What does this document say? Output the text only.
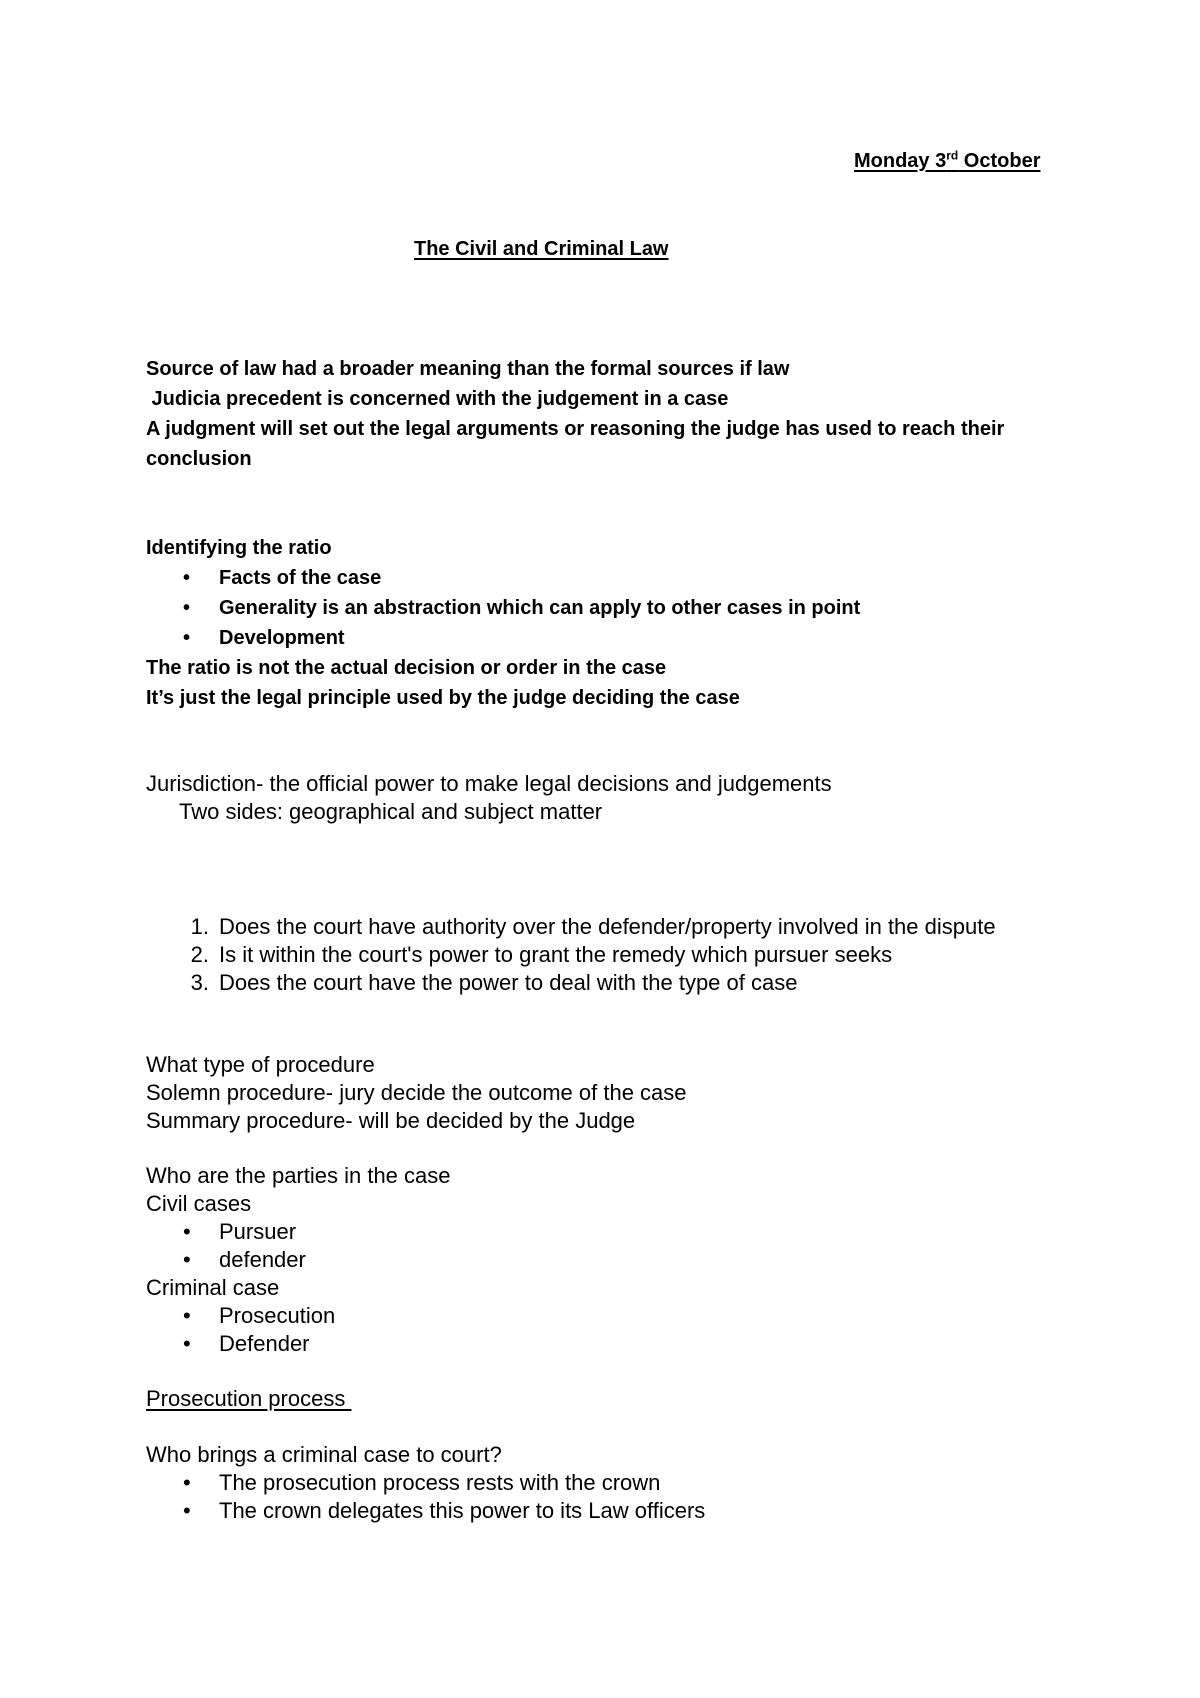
Monday 3rd October
The Civil and Criminal Law
Source of law had a broader meaning than the formal sources if law
Judicia precedent is concerned with the judgement in a case
A judgment will set out the legal arguments or reasoning the judge has used to reach their
conclusion
Identifying the ratio
• Facts of the case
• Generality is an abstraction which can apply to other cases in point
• Development
The ratio is not the actual decision or order in the case
It’s just the legal principle used by the judge deciding the case
Jurisdiction- the official power to make legal decisions and judgements
Two sides: geographical and subject matter
1. Does the court have authority over the defender/property involved in the dispute
2. Is it within the court's power to grant the remedy which pursuer seeks
3. Does the court have the power to deal with the type of case
What type of procedure
Solemn procedure- jury decide the outcome of the case
Summary procedure- will be decided by the Judge
Who are the parties in the case
Civil cases
• Pursuer
• defender
Criminal case
• Prosecution
• Defender
Prosecution process
Who brings a criminal case to court?
• The prosecution process rests with the crown
• The crown delegates this power to its Law officers
